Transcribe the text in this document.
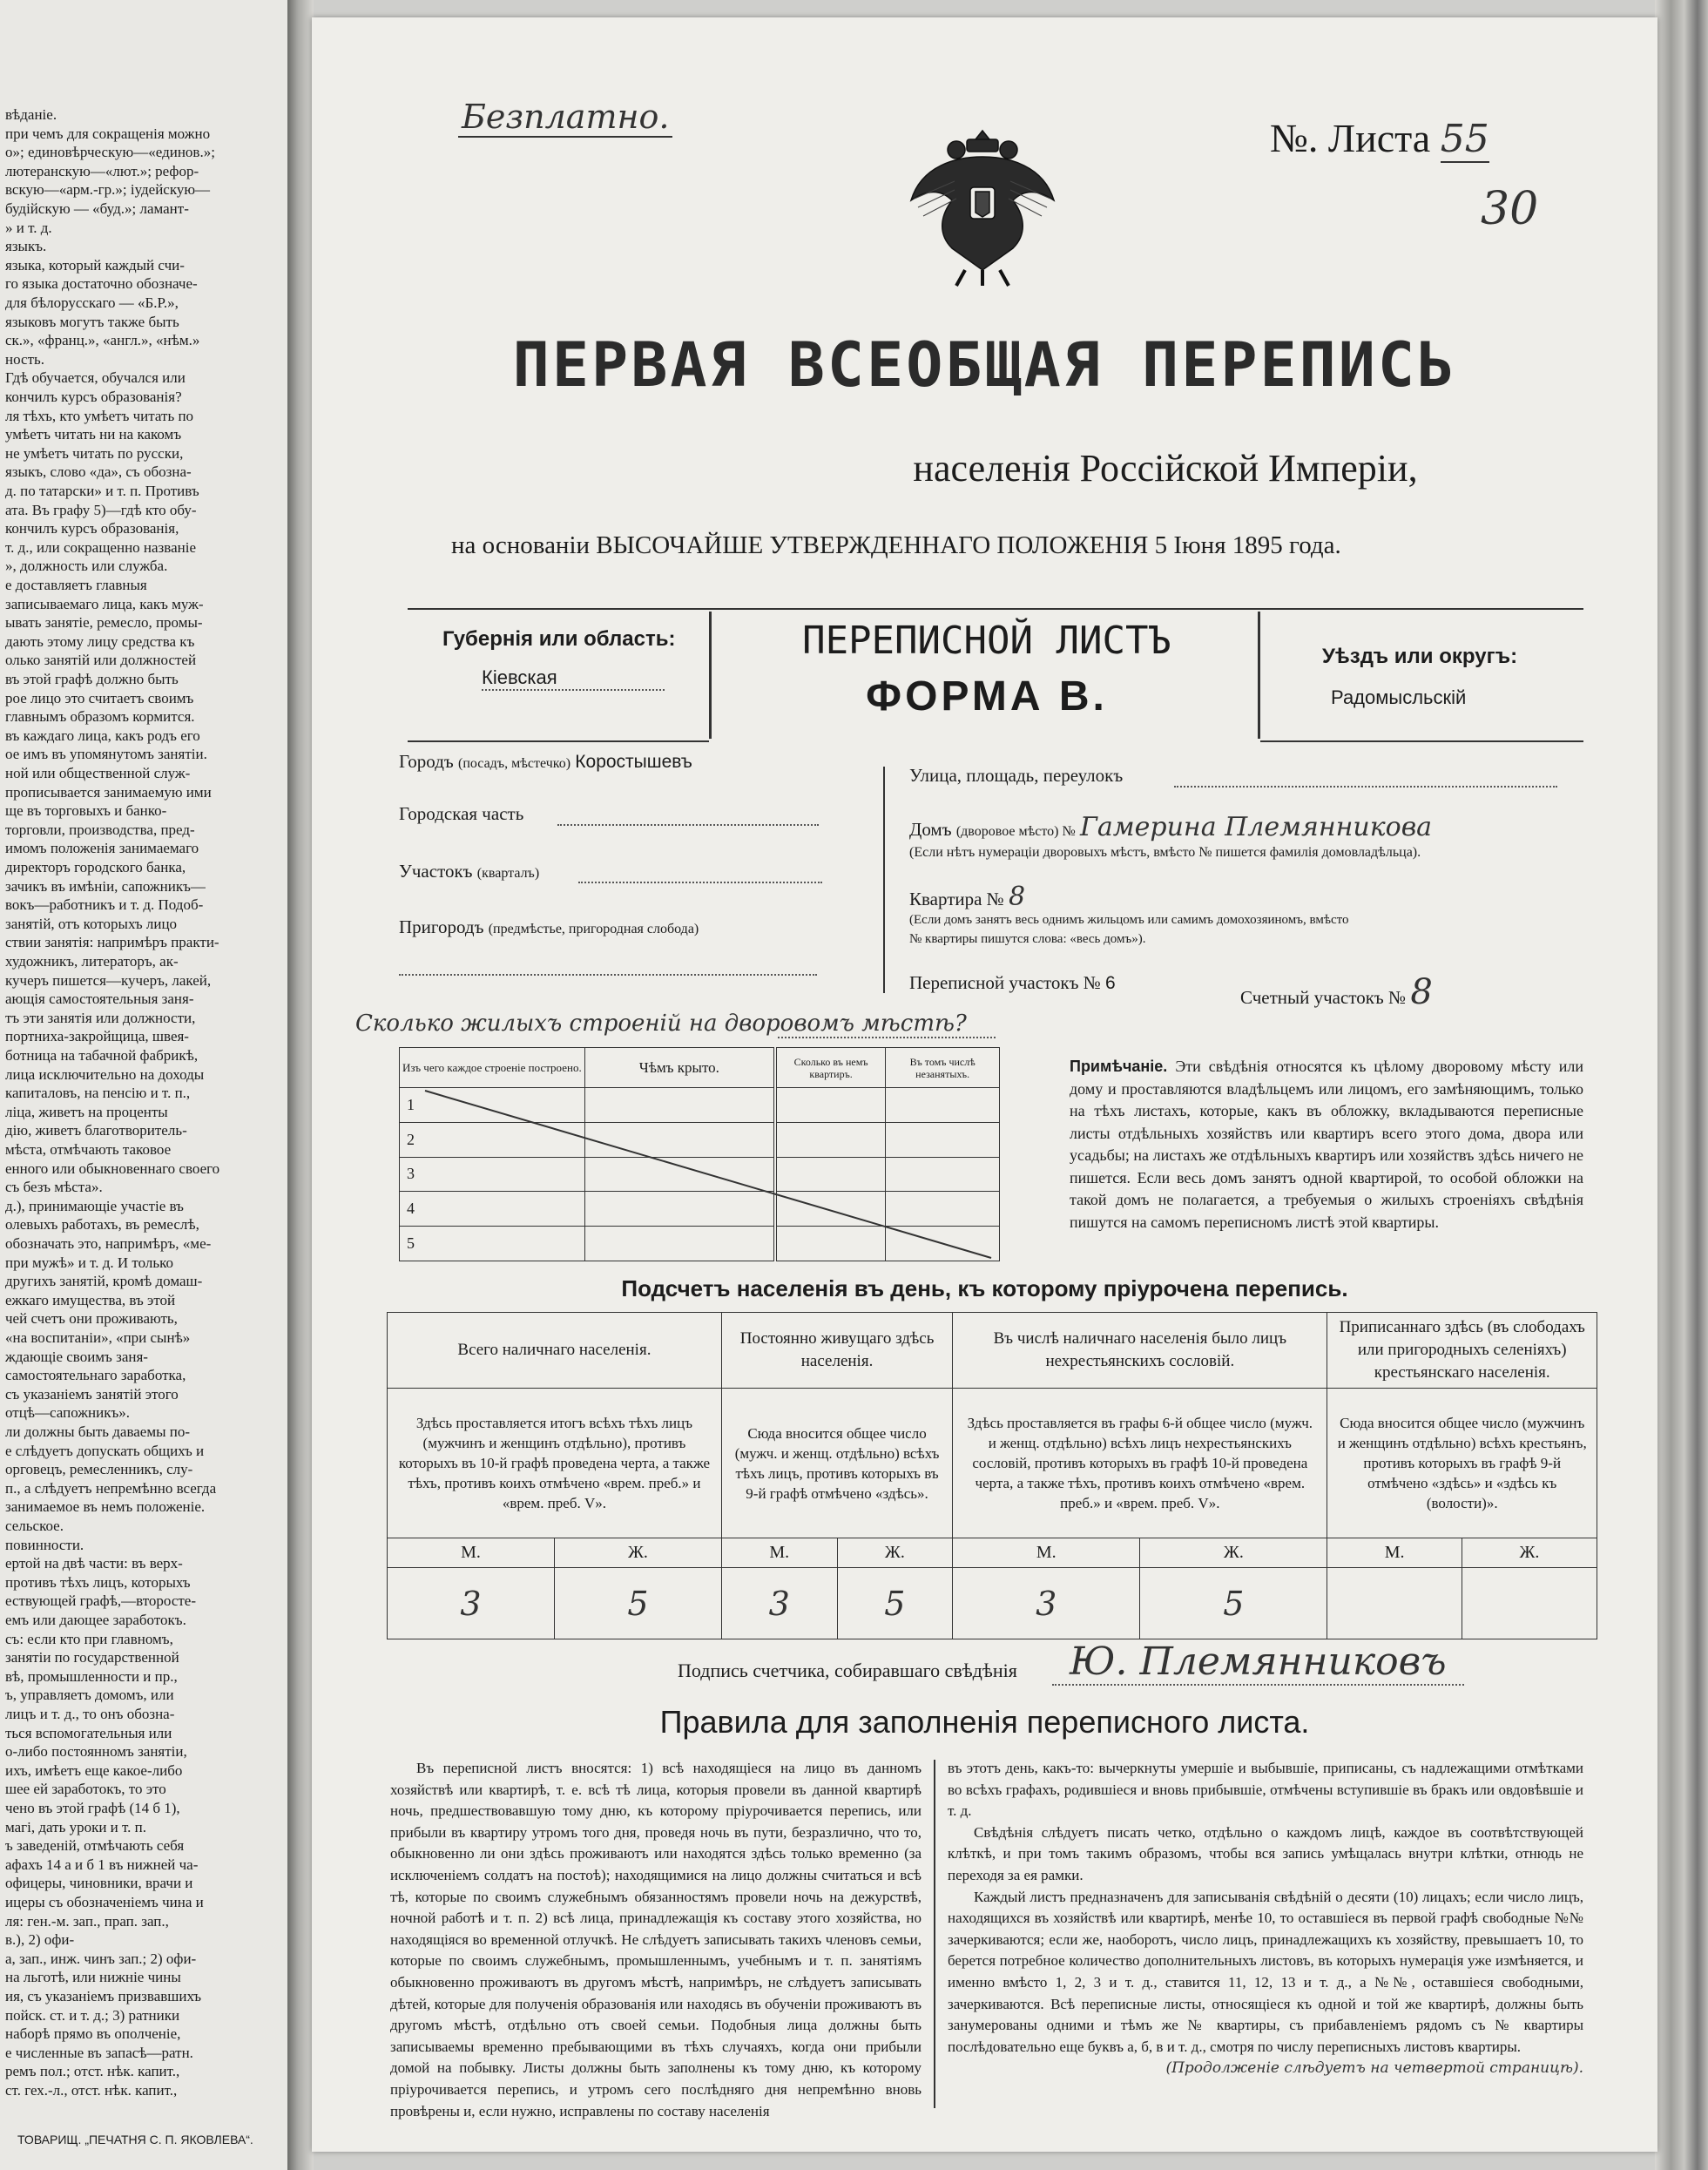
вѣданіе.
при чемъ для сокращенія можно
о»; единовѣрческую—«единов.»;
лютеранскую—«лют.»; рефор-
вскую—«арм.-гр.»; іудейскую—
будійскую — «буд.»; ламант-
» и т. д.
языкъ.
языка, который каждый счи-
го языка достаточно обозначе-
для бѣлорусскаго — «Б.Р.»,
языковъ могутъ также быть
ск.», «франц.», «англ.», «нѣм.»
ность.
Гдѣ обучается, обучался или
кончилъ курсъ образованія?
ля тѣхъ, кто умѣетъ читать по
умѣетъ читать ни на какомъ
не умѣетъ читать по русски,
языкъ, слово «да», съ обозна-
д. по татарски» и т. п. Противъ
ата. Въ графу 5)—гдѣ кто обу-
кончилъ курсъ образованія,
т. д., или сокращенно названіе
», должность или служба.
е доставляетъ главныя
записываемаго лица, какъ муж-
ывать занятіе, ремесло, промы-
дають этому лицу средства къ
олько занятій или должностей
въ этой графѣ должно быть
рое лицо это считаетъ своимъ
главнымъ образомъ кормится.
въ каждаго лица, какъ родъ его
ое имъ въ упомянутомъ занятіи.
ной или общественной служ-
прописывается занимаемую ими
ще въ торговыхъ и банко-
торговли, производства, пред-
имомъ положенія занимаемаго
директоръ городского банка,
зачикъ въ имѣніи, сапожникъ—
вокъ—работникъ и т. д. Подоб-
занятій, отъ которыхъ лицо
ствии занятія: напримѣръ практи-
художникъ, литераторъ, ак-
кучеръ пишется—кучеръ, лакей,
ающія самостоятельныя заня-
тъ эти занятія или должности,
портниха-закройщица, швея-
ботница на табачной фабрикѣ,
лица исключительно на доходы
капиталовъ, на пенсію и т. п.,
ліца, живетъ на проценты
дію, живетъ благотворитель-
мѣста, отмѣчають таковое
енного или обыкновеннаго своего
съ безъ мѣста».
д.), принимающіе участіе въ
олевыхъ работахъ, въ ремеслѣ,
обозначать это, напримѣръ, «ме-
при мужѣ» и т. д. И только
другихъ занятій, кромѣ домаш-
ежкаго имущества, въ этой
чей счетъ они проживають,
«на воспитаніи», «при сынѣ»
ждающіе своимъ заня-
самостоятельнаго заработка,
съ указаніемъ занятій этого
отцѣ—сапожникъ».
ли должны быть даваемы по-
е слѣдуетъ допускать общихъ и
орговецъ, ремесленникъ, слу-
п., а слѣдуетъ непремѣнно всегда
занимаемое въ немъ положеніе.
сельское.
повинности.
ертой на двѣ части: въ верх-
противъ тѣхъ лицъ, которыхъ
ествующей графѣ,—второсте-
емъ или дающее заработокъ.
съ: если кто при главномъ,
занятіи по государственной
вѣ, промышленности и пр.,
ъ, управляетъ домомъ, или
лицъ и т. д., то онъ обозна-
ться вспомогательныя или
о-либо постоянномъ занятіи,
ихъ, имѣетъ еще какое-либо
шее ей заработокъ, то это
чено въ этой графѣ (14 б 1),
магі, дать уроки и т. п.
ъ заведеній, отмѣчають себя
афахъ 14 а и б 1 въ нижней ча-
офицеры, чиновники, врачи и
ицеры съ обозначеніемъ чина и
ля: ген.-м. зап., прап. зап.,
в.), 2) офи-
а, зап., инж. чинъ зап.; 2) офи-
на льготѣ, или нижніе чины
ия, съ указаніемъ призвавшихъ
пойск. ст. и т. д.; 3) ратники
наборѣ прямо въ ополченіе,
е численные въ запасѣ—ратн.
ремъ пол.; отст. нѣк. капит.,
ст. гех.-л., отст. нѣк. капит.,
Безплатно.	№. Листа 55
30
ПЕРВАЯ ВСЕОБЩАЯ ПЕРЕПИСЬ
населенія Россійской Имперіи,
на основаніи ВЫСОЧАЙШЕ УТВЕРЖДЕННАГО ПОЛОЖЕНІЯ 5 Іюня 1895 года.
Губернія или область:
Кіевская
ПЕРЕПИСНОЙ ЛИСТЪ
ФОРМА В.
Уѣздъ или округъ:
Радомысльскій
Городъ (посадъ, мѣстечко) Коростышевъ
Городская часть
Участокъ (кварталъ)
Пригородъ (предмѣстье, пригородная слобода)
Улица, площадь, переулокъ
Домъ (дворовое мѣсто) № Гамерина Племянникова
(Если нѣтъ нумераціи дворовыхъ мѣстъ, вмѣсто № пишется фамилія домовладѣльца).
Квартира № 8
(Если домъ занятъ весь однимъ жильцомъ или самимъ домохозяиномъ, вмѣсто
№ квартиры пишутся слова: «весь домъ»).
Переписной участокъ № 6
Счетный участокъ № 8
Сколько жилыхъ строеній на дворовомъ мѣстѣ?
Изъ чего каждое строеніе построено.	Чѣмъ крыто.	Сколько въ немъ квартиръ.	Въ томъ числѣ незанятыхъ.
1			
2			
3			
4			
5			
Примѣчаніе. Эти свѣдѣнія относятся къ цѣлому дворовому мѣсту или дому и проставляются владѣльцемъ или лицомъ, его замѣняющимъ, только на тѣхъ листахъ, которые, какъ въ обложку, вкладываются переписные листы отдѣльныхъ хозяйствъ или квартиръ всего этого дома, двора или усадьбы; на листахъ же отдѣльныхъ квартиръ или хозяйствъ здѣсь ничего не пишется. Если весь домъ занятъ одной квартирой, то особой обложки на такой домъ не полагается, а требуемыя о жилыхъ строеніяхъ свѣдѣнія пишутся на самомъ переписномъ листѣ этой квартиры.
Подсчетъ населенія въ день, къ которому пріурочена перепись.
Всего наличнаго населенія.		Постоянно живущаго здѣсь населенія.		Въ числѣ наличнаго населенія было лицъ нехрестьянскихъ сословій.		Приписаннаго здѣсь (въ слободахъ или пригородныхъ селеніяхъ) крестьянскаго населенія.	
Здѣсь проставляется итогъ всѣхъ тѣхъ лицъ (мужчинъ и женщинъ отдѣльно), противъ которыхъ въ 10-й графѣ проведена черта, а также тѣхъ, противъ коихъ отмѣчено «врем. преб.» и «врем. преб. V».		Сюда вносится общее число (мужч. и женщ. отдѣльно) всѣхъ тѣхъ лицъ, противъ которыхъ въ 9-й графѣ отмѣчено «здѣсь».		Здѣсь проставляется въ графы 6-й общее число (мужч. и женщ. отдѣльно) всѣхъ лицъ нехрестьянскихъ сословій, противъ которыхъ въ графѣ 10-й проведена черта, а также тѣхъ, противъ коихъ отмѣчено «врем. преб.» и «врем. преб. V».		Сюда вносится общее число (мужчинъ и женщинъ отдѣльно) всѣхъ крестьянъ, противъ которыхъ въ графѣ 9-й отмѣчено «здѣсь» и «здѣсь къ (волости)».	
М.	Ж.	М.	Ж.	М.	Ж.	М.	Ж.
3	5	3	5	3	5		
Подпись счетчика, собиравшаго свѣдѣнія	Ю. Племянниковъ
Правила для заполненія переписного листа.
Въ переписной листъ вносятся: 1) всѣ находящіеся на лицо въ данномъ хозяйствѣ или квартирѣ, т. е. всѣ тѣ лица, которыя провели въ данной квартирѣ ночь, предшествовавшую тому дню, къ которому пріурочивается перепись, или прибыли въ квартиру утромъ того дня, проведя ночь въ пути, безразлично, что то, обыкновенно ли они здѣсь проживаютъ или находятся здѣсь только временно (за исключеніемъ солдатъ на постоѣ); находящимися на лицо должны считаться и всѣ тѣ, которые по своимъ служебнымъ обязанностямъ провели ночь на дежурствѣ, ночной работѣ и т. п. 2) всѣ лица, принадлежащія къ составу этого хозяйства, но находящіяся во временной отлучкѣ. Не слѣдуетъ записывать такихъ членовъ семьи, которые по своимъ служебнымъ, промышленнымъ, учебнымъ и т. п. занятіямъ обыкновенно проживаютъ въ другомъ мѣстѣ, напримѣръ, не слѣдуетъ записывать дѣтей, которые для полученія образованія или находясь въ обученіи проживаютъ въ другомъ мѣстѣ, отдѣльно отъ своей семьи. Подобныя лица должны быть записываемы временно пребывающими въ тѣхъ случаяхъ, когда они прибыли домой на побывку. Листы должны быть заполнены къ тому дню, къ которому пріурочивается перепись, и утромъ сего послѣдняго дня непремѣнно вновь провѣрены и, если нужно, исправлены по составу населенія
въ этотъ день, какъ-то: вычеркнуты умершіе и выбывшіе, приписаны, съ надлежащими отмѣтками во всѣхъ графахъ, родившіеся и вновь прибывшіе, отмѣчены вступившіе въ бракъ или овдовѣвшіе и т. д.
Свѣдѣнія слѣдуетъ писать четко, отдѣльно о каждомъ лицѣ, каждое въ соотвѣтствующей клѣткѣ, и при томъ такимъ образомъ, чтобы вся запись умѣщалась внутри клѣтки, отнюдь не переходя за ея рамки.
Каждый листъ предназначенъ для записыванія свѣдѣній о десяти (10) лицахъ; если число лицъ, находящихся въ хозяйствѣ или квартирѣ, менѣе 10, то оставшіеся въ первой графѣ свободные №№ зачеркиваются; если же, наоборотъ, число лицъ, принадлежащихъ къ хозяйству, превышаетъ 10, то берется потребное количество дополнительныхъ листовъ, въ которыхъ нумерація уже измѣняется, и именно вмѣсто 1, 2, 3 и т. д., ставится 11, 12, 13 и т. д., а №№, оставшіеся свободными, зачеркиваются. Всѣ переписные листы, относящіеся къ одной и той же квартирѣ, должны быть занумерованы одними и тѣмъ же № квартиры, съ прибавленіемъ рядомъ съ № квартиры послѣдовательно еще буквъ а, б, в и т. д., смотря по числу переписныхъ листовъ квартиры.
(Продолженіе слѣдуетъ на четвертой страницѣ).
ТОВАРИЩ. „ПЕЧАТНЯ С. П. ЯКОВЛЕВА“.
